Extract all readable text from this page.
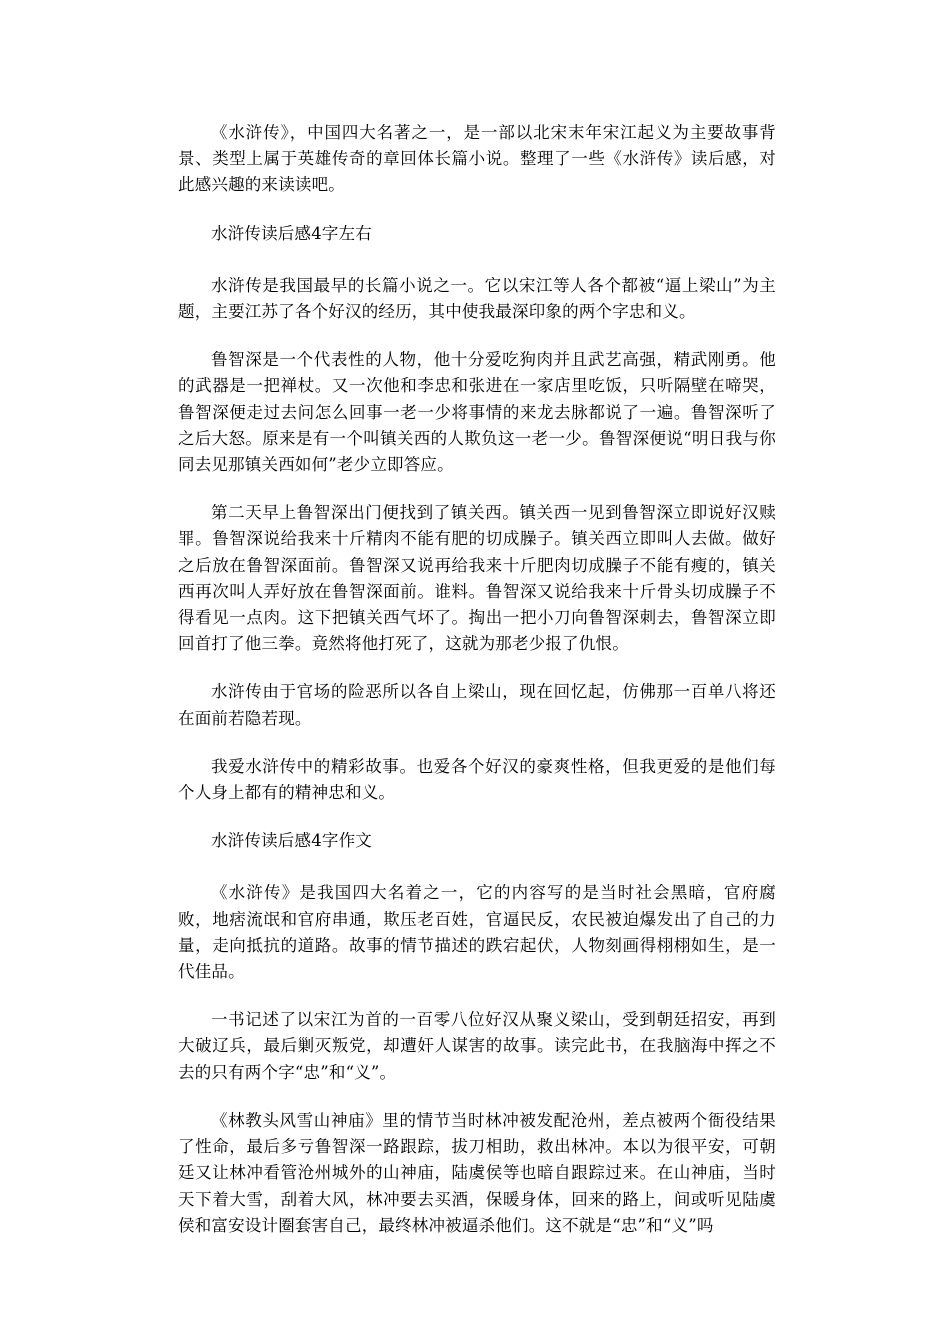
《水浒传》，中国四大名著之一，是一部以北宋末年宋江起义为主要故事背景、类型上属于英雄传奇的章回体长篇小说。整理了一些《水浒传》读后感，对此感兴趣的来读读吧。

水浒传读后感4字左右

水浒传是我国最早的长篇小说之一。它以宋江等人各个都被“逼上梁山”为主题，主要江苏了各个好汉的经历，其中使我最深印象的两个字忠和义。

鲁智深是一个代表性的人物，他十分爱吃狗肉并且武艺高强，精武刚勇。他的武器是一把禅杖。又一次他和李忠和张进在一家店里吃饭，只听隔壁在啼哭，鲁智深便走过去问怎么回事一老一少将事情的来龙去脉都说了一遍。鲁智深听了之后大怒。原来是有一个叫镇关西的人欺负这一老一少。鲁智深便说“明日我与你同去见那镇关西如何”老少立即答应。

第二天早上鲁智深出门便找到了镇关西。镇关西一见到鲁智深立即说好汉赎罪。鲁智深说给我来十斤精肉不能有肥的切成臊子。镇关西立即叫人去做。做好之后放在鲁智深面前。鲁智深又说再给我来十斤肥肉切成臊子不能有瘦的，镇关西再次叫人弄好放在鲁智深面前。谁料。鲁智深又说给我来十斤骨头切成臊子不得看见一点肉。这下把镇关西气坏了。掏出一把小刀向鲁智深刺去，鲁智深立即回首打了他三拳。竟然将他打死了，这就为那老少报了仇恨。

水浒传由于官场的险恶所以各自上梁山，现在回忆起，仿佛那一百单八将还在面前若隐若现。

我爱水浒传中的精彩故事。也爱各个好汉的豪爽性格，但我更爱的是他们每个人身上都有的精神忠和义。

水浒传读后感4字作文

《水浒传》是我国四大名着之一，它的内容写的是当时社会黑暗，官府腐败，地痞流氓和官府串通，欺压老百姓，官逼民反，农民被迫爆发出了自己的力量，走向抵抗的道路。故事的情节描述的跌宕起伏，人物刻画得栩栩如生，是一代佳品。

一书记述了以宋江为首的一百零八位好汉从聚义梁山，受到朝廷招安，再到大破辽兵，最后剿灭叛党，却遭奸人谋害的故事。读完此书，在我脑海中挥之不去的只有两个字“忠”和“义”。

《林教头风雪山神庙》里的情节当时林冲被发配沧州，差点被两个衙役结果了性命，最后多亏鲁智深一路跟踪，拔刀相助，救出林冲。本以为很平安，可朝廷又让林冲看管沧州城外的山神庙，陆虞侯等也暗自跟踪过来。在山神庙，当时天下着大雪，刮着大风，林冲要去买酒，保暖身体，回来的路上，间或听见陆虞侯和富安设计圈套害自己，最终林冲被逼杀他们。这不就是“忠”和“义”吗
